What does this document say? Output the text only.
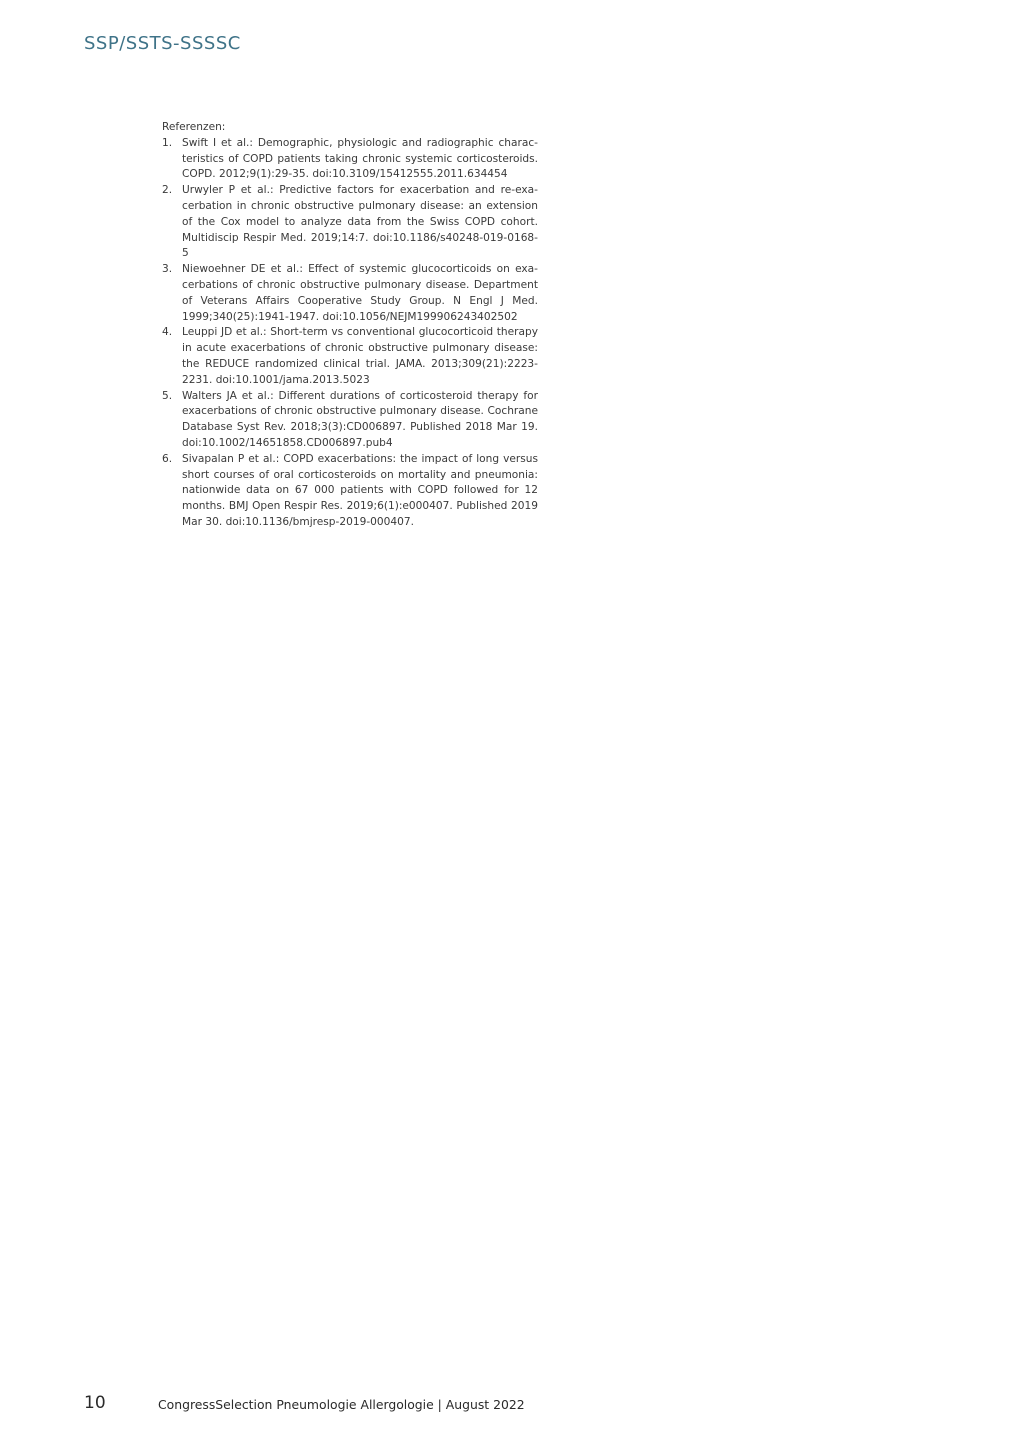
SSP/SSTS-SSSSC

Referenzen:

1. Swift I et al.: Demographic, physiologic and radiographic characteristics of COPD patients taking chronic systemic corticosteroids. COPD. 2012;9(1):29-35. doi:10.3109/15412555.2011.634454
2. Urwyler P et al.: Predictive factors for exacerbation and re-exacerbation in chronic obstructive pulmonary disease: an extension of the Cox model to analyze data from the Swiss COPD cohort. Multidiscip Respir Med. 2019;14:7. doi:10.1186/s40248-019-0168-5
3. Niewoehner DE et al.: Effect of systemic glucocorticoids on exacerbations of chronic obstructive pulmonary disease. Department of Veterans Affairs Cooperative Study Group. N Engl J Med. 1999;340(25):1941-1947. doi:10.1056/NEJM199906243402502
4. Leuppi JD et al.: Short-term vs conventional glucocorticoid therapy in acute exacerbations of chronic obstructive pulmonary disease: the REDUCE randomized clinical trial. JAMA. 2013;309(21):2223-2231. doi:10.1001/jama.2013.5023
5. Walters JA et al.: Different durations of corticosteroid therapy for exacerbations of chronic obstructive pulmonary disease. Cochrane Database Syst Rev. 2018;3(3):CD006897. Published 2018 Mar 19. doi:10.1002/14651858.CD006897.pub4
6. Sivapalan P et al.: COPD exacerbations: the impact of long versus short courses of oral corticosteroids on mortality and pneumonia: nationwide data on 67 000 patients with COPD followed for 12 months. BMJ Open Respir Res. 2019;6(1):e000407. Published 2019 Mar 30. doi:10.1136/bmjresp-2019-000407.
10	CongressSelection Pneumologie Allergologie | August 2022
